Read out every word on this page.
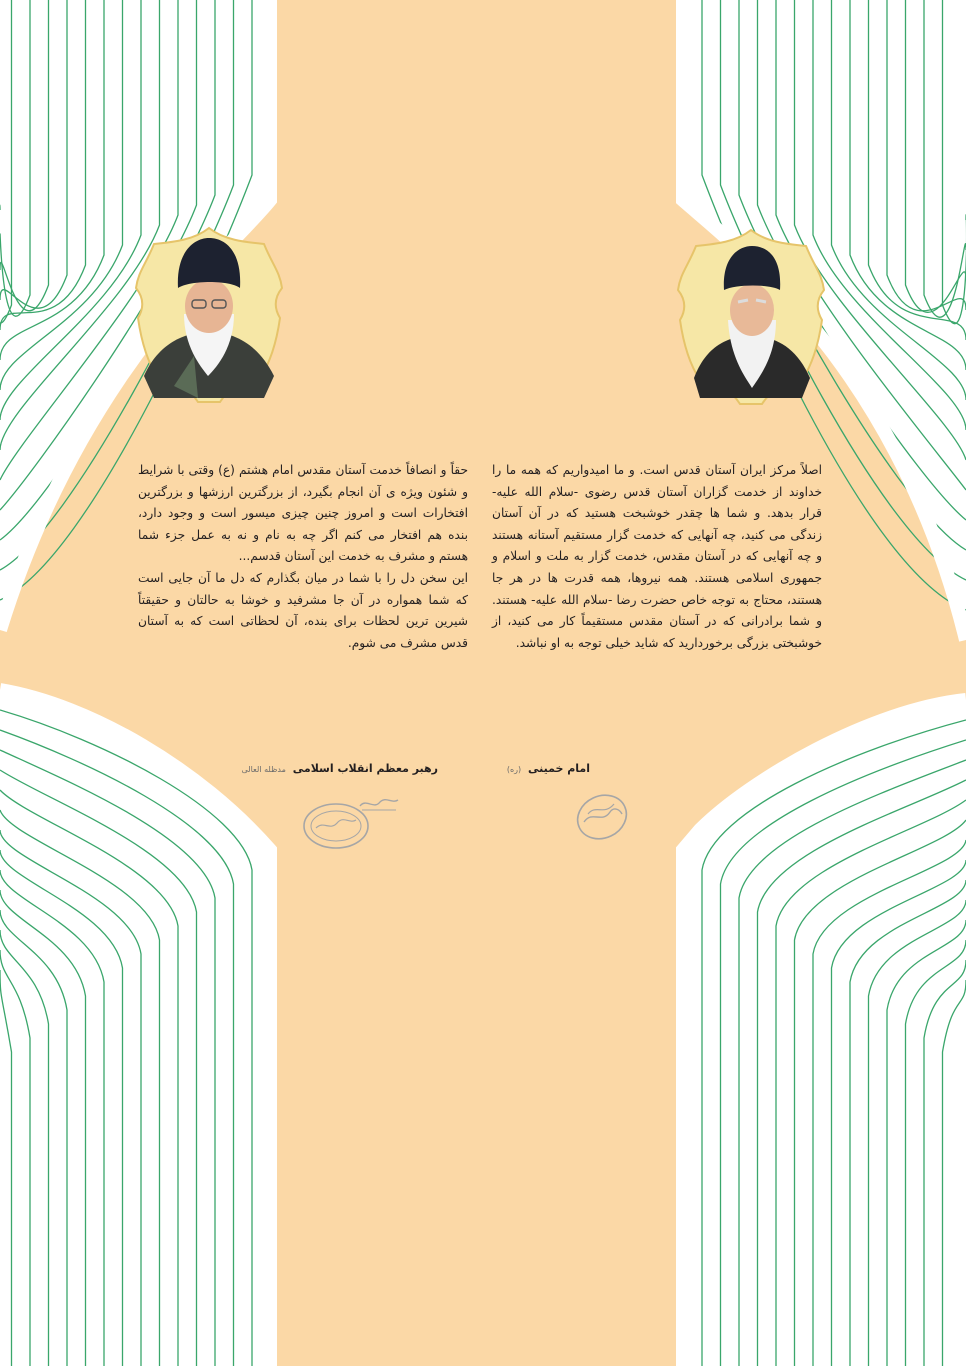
اصلاً مرکز ایران آستان قدس است. و ما امیدواریم که همه ما را خداوند از خدمت گزاران آستان قدس رضوی -سلام الله علیه- قرار بدهد. و شما ها چقدر خوشبخت هستید که در آن آستان زندگی می کنید، چه آنهایی که خدمت گزار مستقیم آستانه هستند و چه آنهایی که در آستان مقدس، خدمت گزار به ملت و اسلام و جمهوری اسلامی هستند. همه نیروها، همه قدرت ها در هر جا هستند، محتاج به توجه خاص حضرت رضا -سلام الله علیه- هستند. و شما برادرانی که در آستان مقدس مستقیماً کار می کنید، از خوشبختی بزرگی برخوردارید که شاید خیلی توجه به او نباشد.

حقاً و انصافاً خدمت آستان مقدس امام هشتم (ع) وقتی با شرایط و شئون ویژه ی آن انجام بگیرد، از بزرگترین ارزشها و بزرگترین افتخارات است و امروز چنین چیزی میسور است و وجود دارد، بنده هم افتخار می کنم اگر چه به نام و نه به عمل جزء شما هستم و مشرف به خدمت این آستان قدسم...

این سخن دل را با شما در میان بگذارم که دل ما آن جایی است که شما همواره در آن جا مشرفید و خوشا به حالتان و حقیقتاً شیرین ترین لحظات برای بنده، آن لحظاتی است که به آستان قدس مشرف می شوم.

امام خمینی (ره)
رهبر معظم انقلاب اسلامی مدظله العالی
